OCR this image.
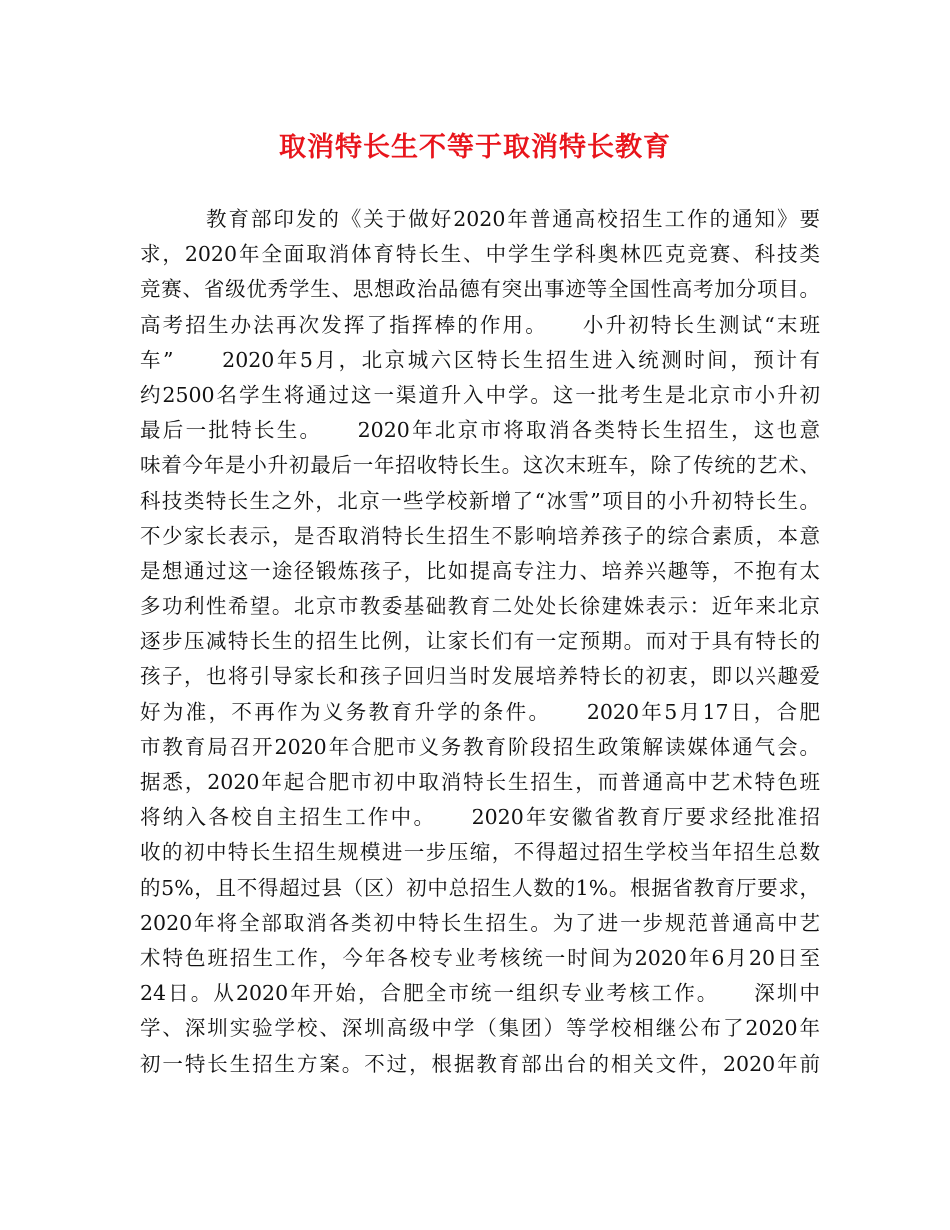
取消特长生不等于取消特长教育
教育部印发的《关于做好2020年普通高校招生工作的通知》要
求，2020年全面取消体育特长生、中学生学科奥林匹克竞赛、科技类
竞赛、省级优秀学生、思想政治品德有突出事迹等全国性高考加分项目。
高考招生办法再次发挥了指挥棒的作用。　　小升初特长生测试“末班
车”　　2020年5月，北京城六区特长生招生进入统测时间，预计有
约2500名学生将通过这一渠道升入中学。这一批考生是北京市小升初
最后一批特长生。　　2020年北京市将取消各类特长生招生，这也意
味着今年是小升初最后一年招收特长生。这次末班车，除了传统的艺术、
科技类特长生之外，北京一些学校新增了“冰雪”项目的小升初特长生。
不少家长表示，是否取消特长生招生不影响培养孩子的综合素质，本意
是想通过这一途径锻炼孩子，比如提高专注力、培养兴趣等，不抱有太
多功利性希望。北京市教委基础教育二处处长徐建姝表示：近年来北京
逐步压减特长生的招生比例，让家长们有一定预期。而对于具有特长的
孩子，也将引导家长和孩子回归当时发展培养特长的初衷，即以兴趣爱
好为准，不再作为义务教育升学的条件。　　2020年5月17日，合肥
市教育局召开2020年合肥市义务教育阶段招生政策解读媒体通气会。
据悉，2020年起合肥市初中取消特长生招生，而普通高中艺术特色班
将纳入各校自主招生工作中。　　2020年安徽省教育厅要求经批准招
收的初中特长生招生规模进一步压缩，不得超过招生学校当年招生总数
的5%，且不得超过县（区）初中总招生人数的1%。根据省教育厅要求，
2020年将全部取消各类初中特长生招生。为了进一步规范普通高中艺
术特色班招生工作，今年各校专业考核统一时间为2020年6月20日至
24日。从2020年开始，合肥全市统一组织专业考核工作。　　深圳中
学、深圳实验学校、深圳高级中学（集团）等学校相继公布了2020年
初一特长生招生方案。不过，根据教育部出台的相关文件，2020年前
